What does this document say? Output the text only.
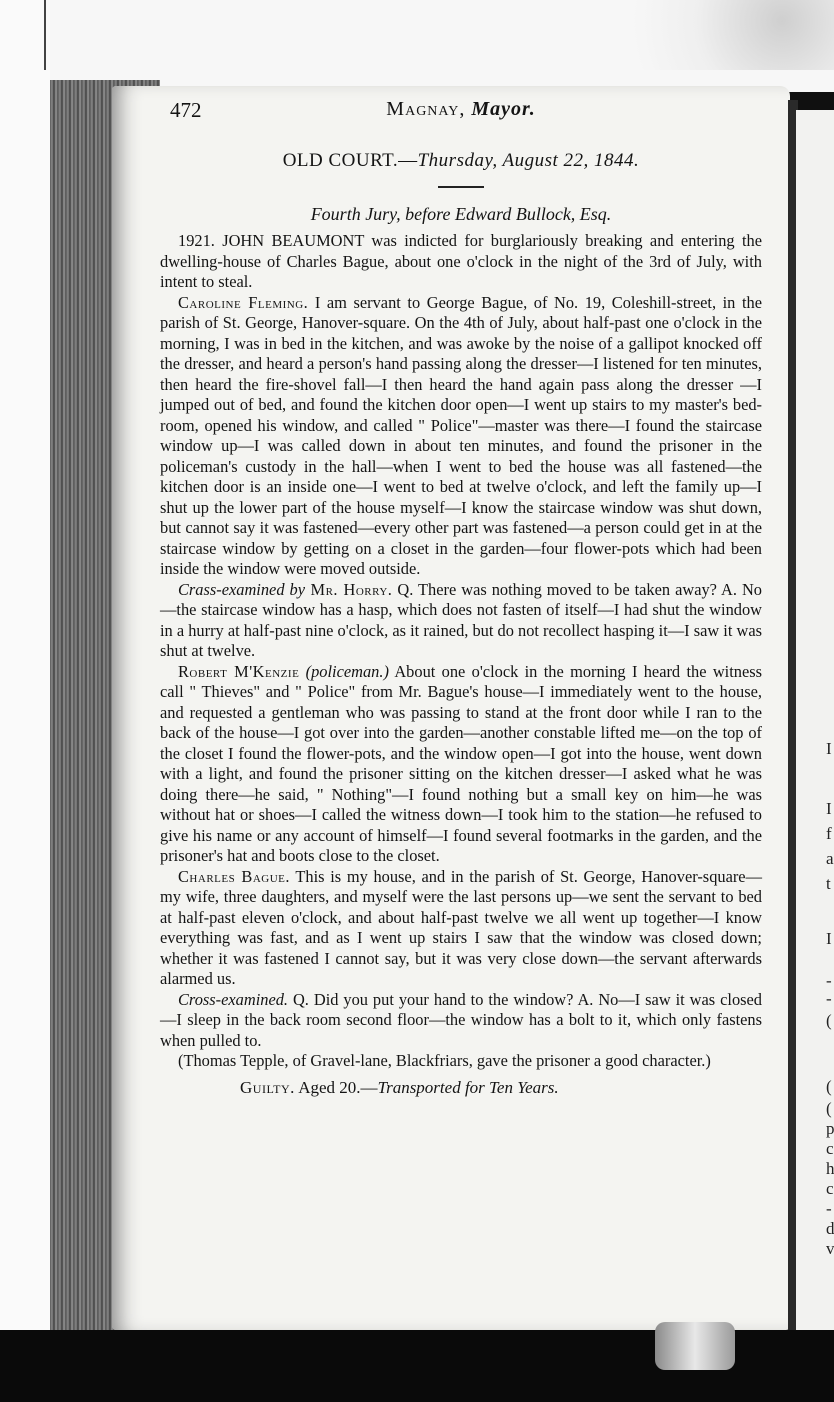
I
I
f
a
t
I
-
-
(
(
(
p
c
h
c
-
d
v
472	Magnay, Mayor.
OLD COURT.—Thursday, August 22, 1844.
Fourth Jury, before Edward Bullock, Esq.

1921. JOHN BEAUMONT was indicted for burglariously breaking and entering the dwelling-house of Charles Bague, about one o'clock in the night of the 3rd of July, with intent to steal.

Caroline Fleming. I am servant to George Bague, of No. 19, Coleshill-street, in the parish of St. George, Hanover-square. On the 4th of July, about half-past one o'clock in the morning, I was in bed in the kitchen, and was awoke by the noise of a gallipot knocked off the dresser, and heard a person's hand passing along the dresser—I listened for ten minutes, then heard the fire-shovel fall—I then heard the hand again pass along the dresser —I jumped out of bed, and found the kitchen door open—I went up stairs to my master's bed-room, opened his window, and called " Police"—master was there—I found the staircase window up—I was called down in about ten minutes, and found the prisoner in the policeman's custody in the hall—when I went to bed the house was all fastened—the kitchen door is an inside one—I went to bed at twelve o'clock, and left the family up—I shut up the lower part of the house myself—I know the staircase window was shut down, but cannot say it was fastened—every other part was fastened—a person could get in at the staircase window by getting on a closet in the garden—four flower-pots which had been inside the window were moved outside.

Crass-examined by Mr. Horry. Q. There was nothing moved to be taken away? A. No—the staircase window has a hasp, which does not fasten of itself—I had shut the window in a hurry at half-past nine o'clock, as it rained, but do not recollect hasping it—I saw it was shut at twelve.

Robert M'Kenzie (policeman.) About one o'clock in the morning I heard the witness call " Thieves" and " Police" from Mr. Bague's house—I immediately went to the house, and requested a gentleman who was passing to stand at the front door while I ran to the back of the house—I got over into the garden—another constable lifted me—on the top of the closet I found the flower-pots, and the window open—I got into the house, went down with a light, and found the prisoner sitting on the kitchen dresser—I asked what he was doing there—he said, " Nothing"—I found nothing but a small key on him—he was without hat or shoes—I called the witness down—I took him to the station—he refused to give his name or any account of himself—I found several footmarks in the garden, and the prisoner's hat and boots close to the closet.

Charles Bague. This is my house, and in the parish of St. George, Hanover-square—my wife, three daughters, and myself were the last persons up—we sent the servant to bed at half-past eleven o'clock, and about half-past twelve we all went up together—I know everything was fast, and as I went up stairs I saw that the window was closed down; whether it was fastened I cannot say, but it was very close down—the servant afterwards alarmed us.

Cross-examined. Q. Did you put your hand to the window? A. No—I saw it was closed—I sleep in the back room second floor—the window has a bolt to it, which only fastens when pulled to.

(Thomas Tepple, of Gravel-lane, Blackfriars, gave the prisoner a good character.)

Guilty. Aged 20.—Transported for Ten Years.
